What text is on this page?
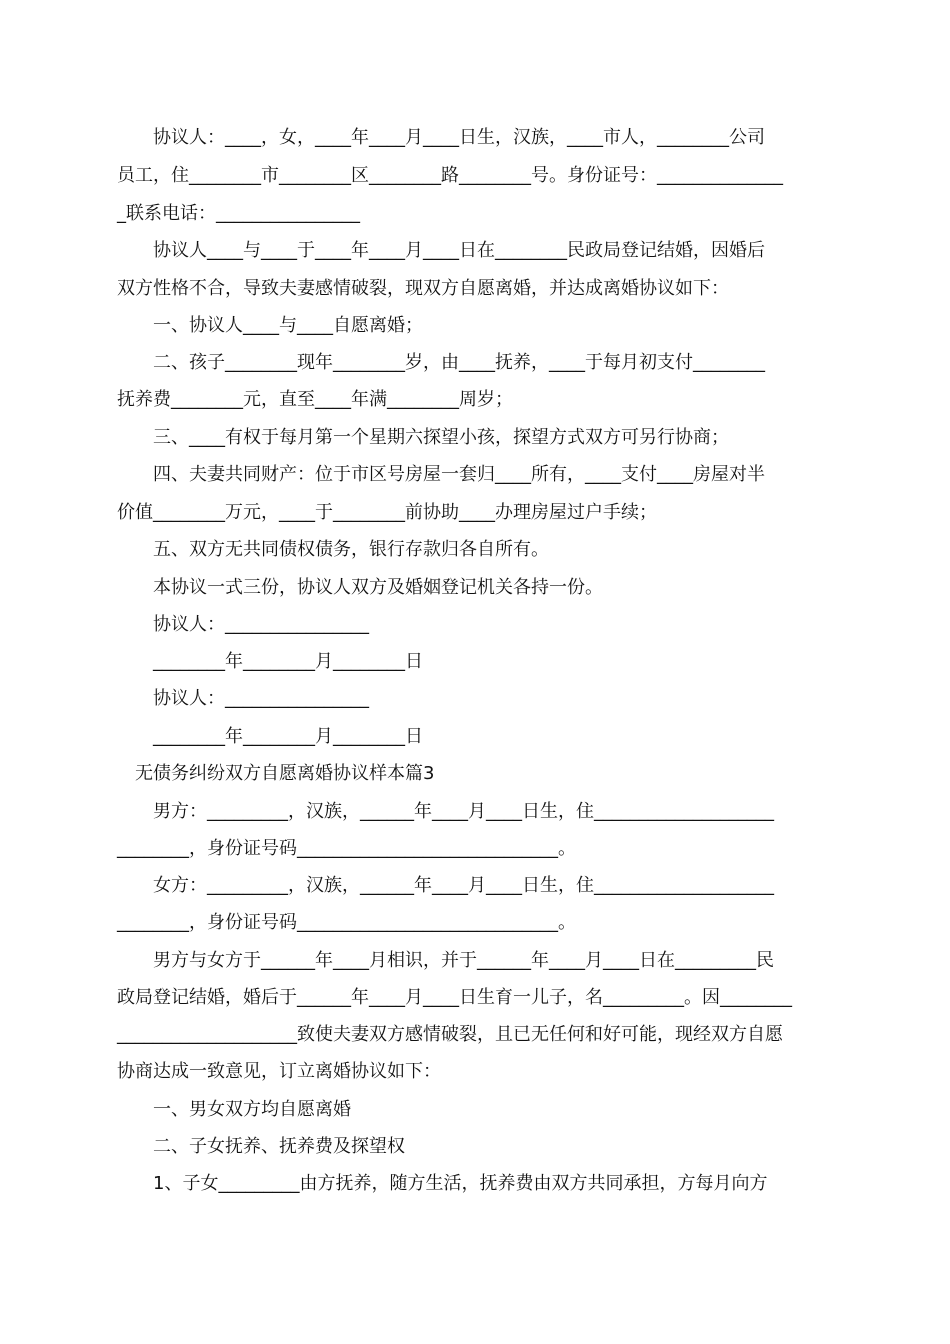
　　协议人：____，女，____年____月____日生，汉族，____市人，________公司
员工，住________市________区________路________号。身份证号：______________
_联系电话：________________
　　协议人____与____于____年____月____日在________民政局登记结婚，因婚后
双方性格不合，导致夫妻感情破裂，现双方自愿离婚，并达成离婚协议如下：
　　一、协议人____与____自愿离婚；
　　二、孩子________现年________岁，由____抚养，____于每月初支付________
抚养费________元，直至____年满________周岁；
　　三、____有权于每月第一个星期六探望小孩，探望方式双方可另行协商；
　　四、夫妻共同财产：位于市区号房屋一套归____所有，____支付____房屋对半
价值________万元，____于________前协助____办理房屋过户手续；
　　五、双方无共同债权债务，银行存款归各自所有。
　　本协议一式三份，协议人双方及婚姻登记机关各持一份。
　　协议人：________________
　　________年________月________日
　　协议人：________________
　　________年________月________日
　无债务纠纷双方自愿离婚协议样本篇3
　　男方：_________，汉族，______年____月____日生，住____________________
________，身份证号码_____________________________。
　　女方：_________，汉族，______年____月____日生，住____________________
________，身份证号码_____________________________。
　　男方与女方于______年____月相识，并于______年____月____日在_________民
政局登记结婚，婚后于______年____月____日生育一儿子，名_________。因________
____________________致使夫妻双方感情破裂，且已无任何和好可能，现经双方自愿
协商达成一致意见，订立离婚协议如下：
　　一、男女双方均自愿离婚
　　二、子女抚养、抚养费及探望权
　　1、子女_________由方抚养，随方生活，抚养费由双方共同承担，方每月向方
